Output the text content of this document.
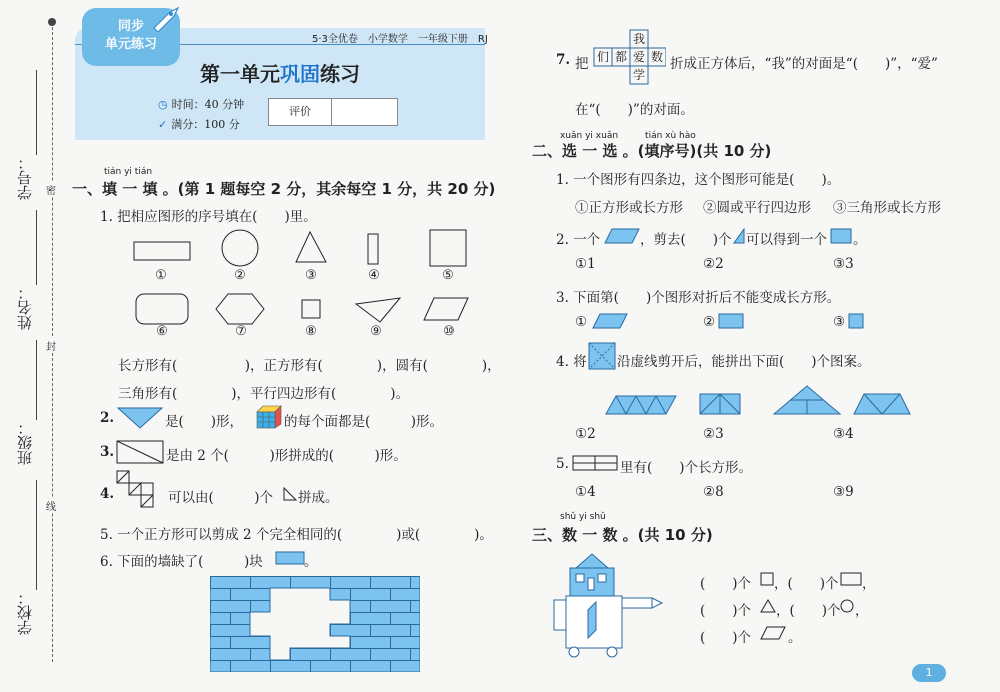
学号：
姓名：
班级：
学校：
密
封
线
同步
单元练习	5·3全优卷　小学数学　一年级下册　RJ
第一单元巩固练习
◷ 时间：40 分钟
✓ 满分：100 分
评价
tián yi tián
一、填 一 填 。(第 1 题每空 2 分，其余每空 1 分，共 20 分)
1. 把相应图形的序号填在(　　)里。
①	②	③	④	⑤
⑥	⑦	⑧	⑨	⑩
长方形有(　　　　　)，正方形有(　　　　)，圆有(　　　　)，
三角形有(　　　　)，平行四边形有(　　　　)。
2.	是(　　)形，	的每个面都是(　　　)形。
3.	是由 2 个(　　　)形拼成的(　　　)形。
4.	可以由(　　　)个 拼成。
5. 一个正方形可以剪成 2 个完全相同的(　　　　)或(　　　　)。
6. 下面的墙缺了(　　　)块	。
7. 把
我
们 都 爱 数
学
折成正方体后，“我”的对面是“(　　)”，“爱”
在“(　　)”的对面。
xuǎn yi xuǎn　　　tián xù hào
二、选 一 选 。(填序号)(共 10 分)
1. 一个图形有四条边，这个图形可能是(　　)。
①正方形或长方形 ②圆或平行四边形 ③三角形或长方形
2. 一个	，剪去(　　)个 可以得到一个 。
①1	②2	③3
3. 下面第(　　)个图形对折后不能变成长方形。
①	②	③
4. 将 沿虚线剪开后，能拼出下面(　　)个图案。
①2	②3	③4
5.	里有(　　)个长方形。
①4	②8	③9
shǔ yi shǔ
三、数 一 数 。(共 10 分)
(　　)个 ，(　　)个 ，
(　　)个 ，(　　)个 ，
(　　)个	。
1
